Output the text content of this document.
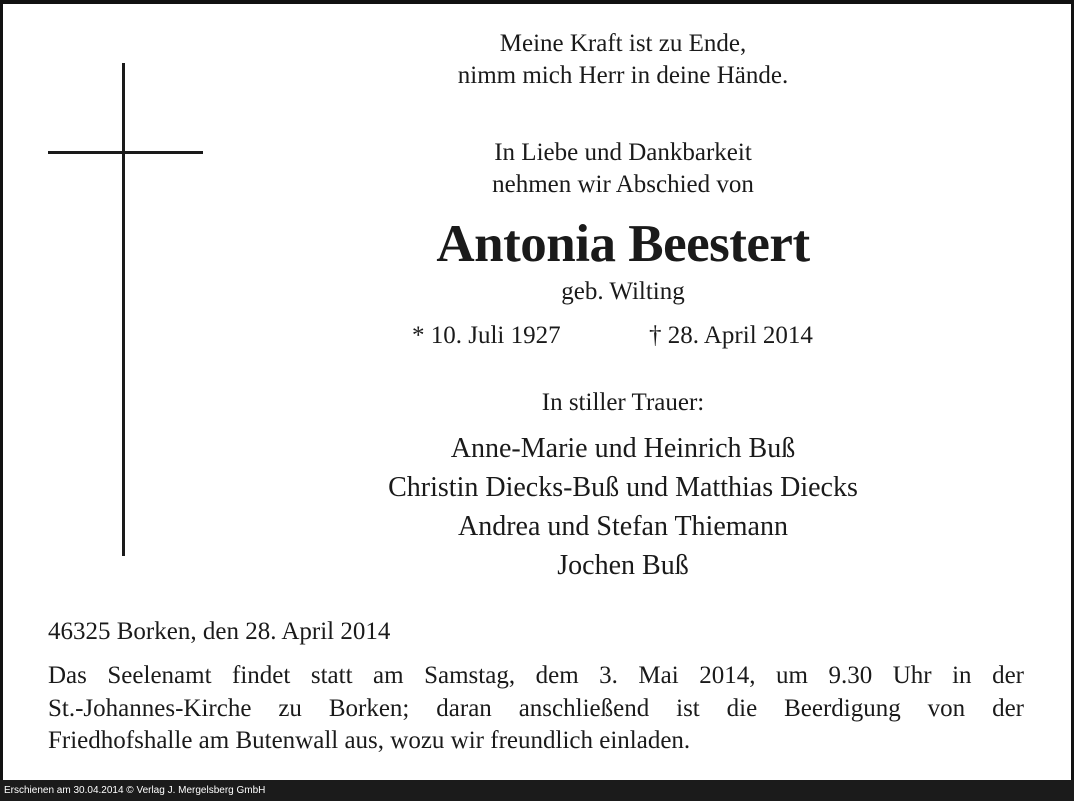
Meine Kraft ist zu Ende,
nimm mich Herr in deine Hände.
In Liebe und Dankbarkeit
nehmen wir Abschied von
Antonia Beestert
geb. Wilting
* 10. Juli 1927	† 28. April 2014
In stiller Trauer:
Anne-Marie und Heinrich Buß
Christin Diecks-Buß und Matthias Diecks
Andrea und Stefan Thiemann
Jochen Buß
46325 Borken, den 28. April 2014
Das Seelenamt findet statt am Samstag, dem 3. Mai 2014, um 9.30 Uhr in der
St.-Johannes-Kirche zu Borken; daran anschließend ist die Beerdigung von der
Friedhofshalle am Butenwall aus, wozu wir freundlich einladen.
Erschienen am 30.04.2014 © Verlag J. Mergelsberg GmbH
